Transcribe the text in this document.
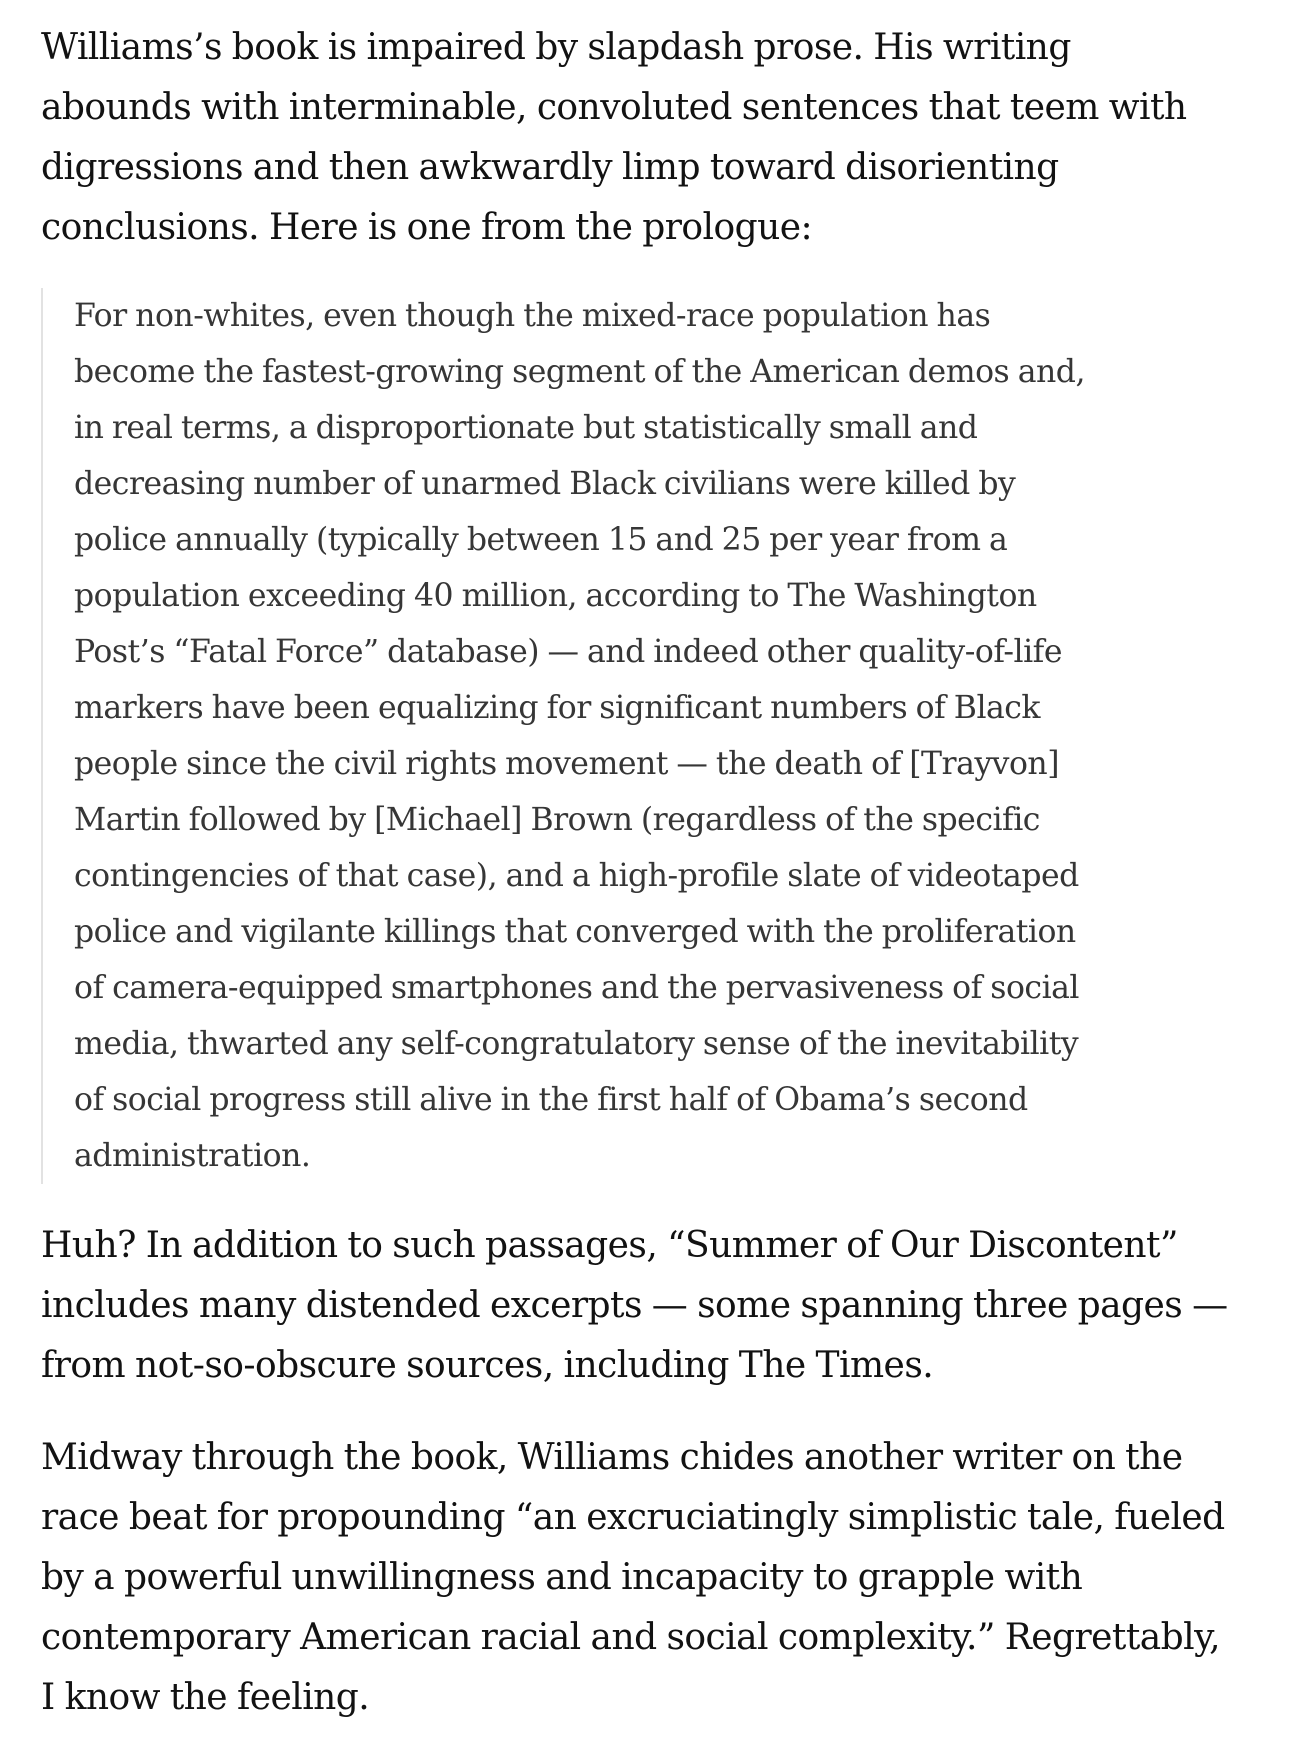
Williams’s book is impaired by slapdash prose. His writing
abounds with interminable, convoluted sentences that teem with
digressions and then awkwardly limp toward disorienting
conclusions. Here is one from the prologue:

For non-whites, even though the mixed-race population has
become the fastest-growing segment of the American demos and,
in real terms, a disproportionate but statistically small and
decreasing number of unarmed Black civilians were killed by
police annually (typically between 15 and 25 per year from a
population exceeding 40 million, according to The Washington
Post’s “Fatal Force” database) — and indeed other quality-of-life
markers have been equalizing for significant numbers of Black
people since the civil rights movement — the death of [Trayvon]
Martin followed by [Michael] Brown (regardless of the specific
contingencies of that case), and a high-profile slate of videotaped
police and vigilante killings that converged with the proliferation
of camera-equipped smartphones and the pervasiveness of social
media, thwarted any self-congratulatory sense of the inevitability
of social progress still alive in the first half of Obama’s second
administration.

Huh? In addition to such passages, “Summer of Our Discontent”
includes many distended excerpts — some spanning three pages —
from not-so-obscure sources, including The Times.

Midway through the book, Williams chides another writer on the
race beat for propounding “an excruciatingly simplistic tale, fueled
by a powerful unwillingness and incapacity to grapple with
contemporary American racial and social complexity.” Regrettably,
I know the feeling.
